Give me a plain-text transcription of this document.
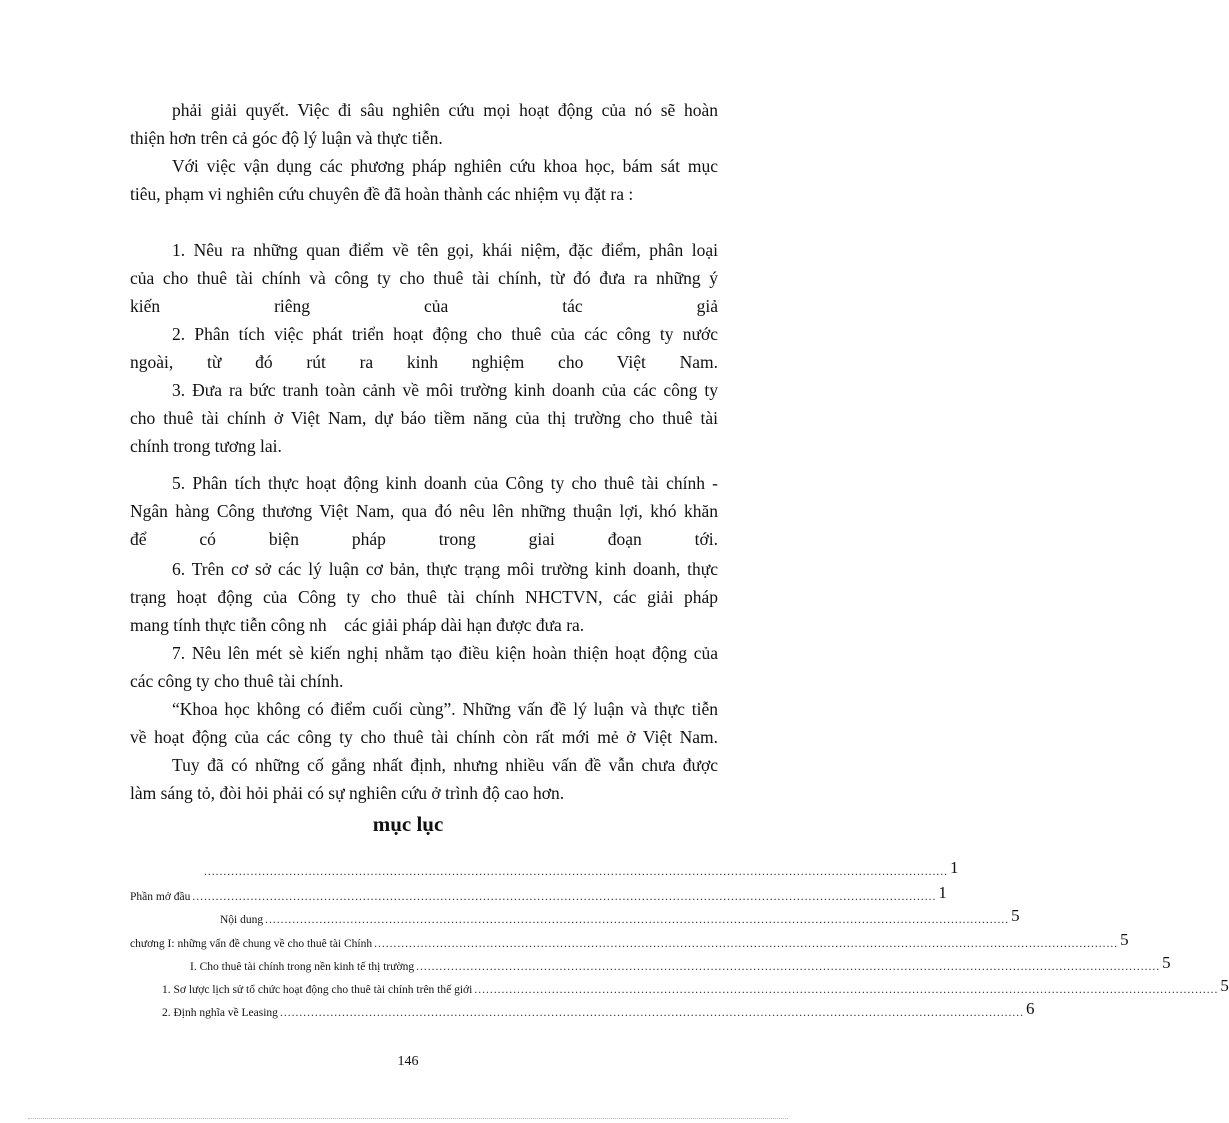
phải giải quyết. Việc đi sâu nghiên cứu mọi hoạt động của nó sẽ hoàn
thiện hơn trên cả góc độ lý luận và thực tiễn.
Với việc vận dụng các phương pháp nghiên cứu khoa học, bám sát mục
tiêu, phạm vi nghiên cứu chuyên đề đã hoàn thành các nhiệm vụ đặt ra :
1. Nêu ra những quan điểm về tên gọi, khái niệm, đặc điểm, phân loại
của cho thuê tài chính và công ty cho thuê tài chính, từ đó đưa ra những ý
kiến riêng của tác giả
2. Phân tích việc phát triển hoạt động cho thuê của các công ty nước
ngoài, từ đó rút ra kinh nghiệm cho Việt Nam.
3. Đưa ra bức tranh toàn cảnh về môi trường kinh doanh của các công ty
cho thuê tài chính ở Việt Nam, dự báo tiềm năng của thị trường cho thuê tài
chính trong tương lai.
5. Phân tích thực hoạt động kinh doanh của Công ty cho thuê tài chính -
Ngân hàng Công thương Việt Nam, qua đó nêu lên những thuận lợi, khó khăn
để có biện pháp trong giai đoạn tới.
6. Trên cơ sở các lý luận cơ bản, thực trạng môi trường kinh doanh, thực
trạng hoạt động của Công ty cho thuê tài chính NHCTVN, các giải pháp
mang tính thực tiễn công nh    các giải pháp dài hạn được đưa ra.
7. Nêu lên mét sè kiến nghị nhằm tạo điều kiện hoàn thiện hoạt động của
các công ty cho thuê tài chính.
“Khoa học không có điểm cuối cùng”. Những vấn đề lý luận và thực tiễn
về hoạt động của các công ty cho thuê tài chính còn rất mới mẻ ở Việt Nam.
Tuy đã có những cố gắng nhất định, nhưng nhiều vấn đề vẫn chưa được
làm sáng tỏ, đòi hỏi phải có sự nghiên cứu ở trình độ cao hơn.
mục lục
................................................................................................................................................................................................ 1
Phần mở đầu ................................................................................................................................................................................................ 1
Nội dung ................................................................................................................................................................................................ 5
chương I: những vấn đề chung về cho thuê tài Chính ................................................................................................................................................................................................ 5
I. Cho thuê tài chính trong nền kinh tế thị trường ................................................................................................................................................................................................ 5
1. Sơ lược lịch sử tổ chức hoạt động cho thuê tài chính trên thế giới ................................................................................................................................................................................................ 5
2. Định nghĩa về Leasing ................................................................................................................................................................................................ 6
146
